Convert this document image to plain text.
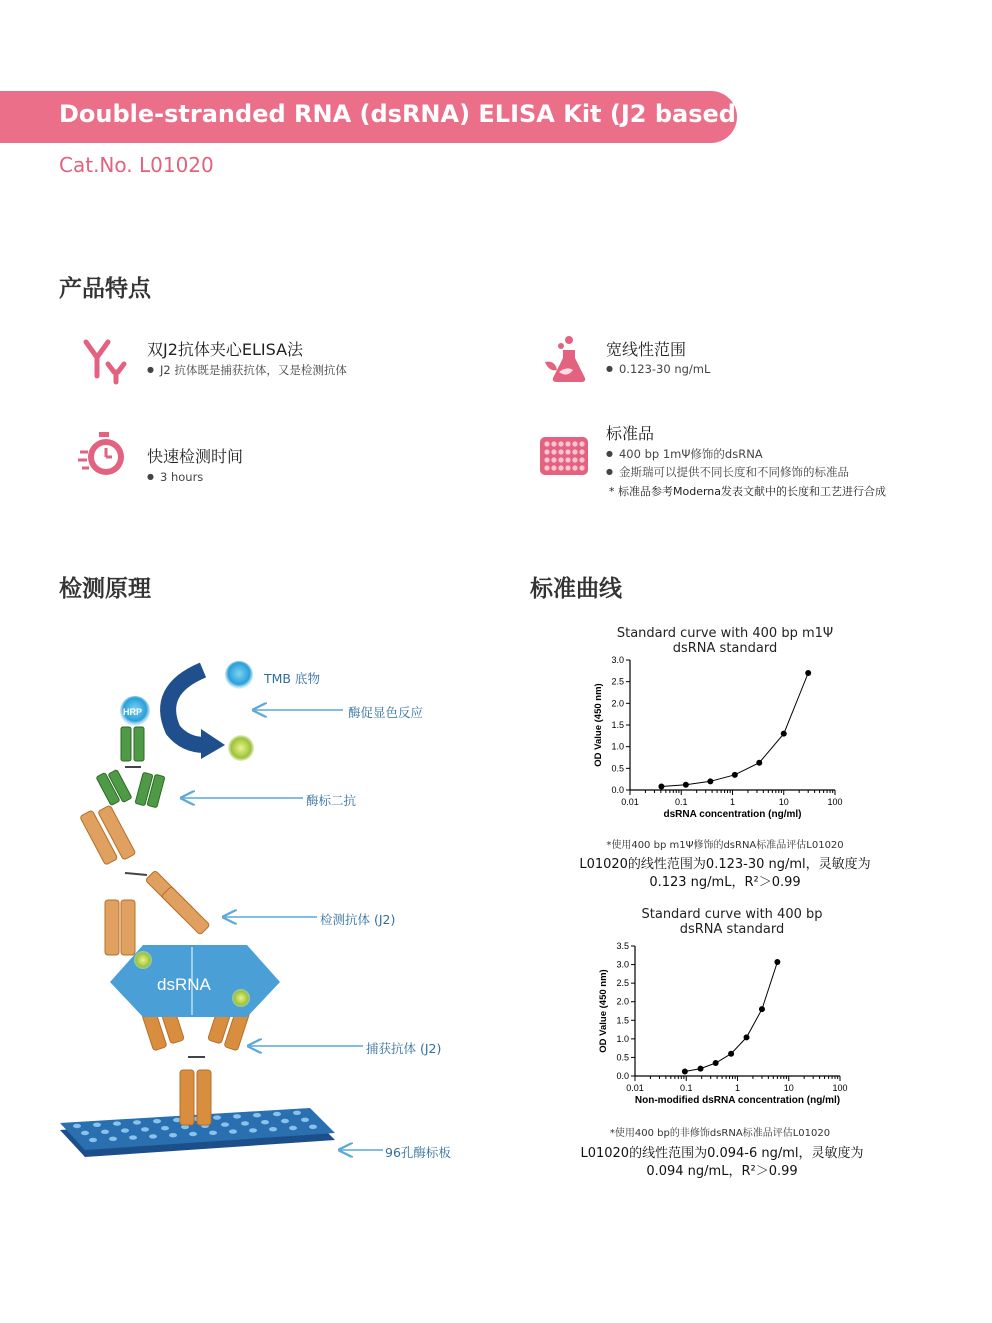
Double-stranded RNA (dsRNA) ELISA Kit (J2 based)
Cat.No. L01020
产品特点
双J2抗体夹心ELISA法
● J2 抗体既是捕获抗体，又是检测抗体
宽线性范围
● 0.123-30 ng/mL
快速检测时间
● 3 hours
标准品
● 400 bp 1mΨ修饰的dsRNA
● 金斯瑞可以提供不同长度和不同修饰的标准品
* 标准品参考Moderna发表文献中的长度和工艺进行合成
检测原理
dsRNA
HRP
TMB 底物
酶促显色反应
酶标二抗
检测抗体 (J2)
捕获抗体 (J2)
96孔酶标板
标准曲线
Standard curve with 400 bp m1Ψ
dsRNA standard
0.0
0.5
1.0
1.5
2.0
2.5
3.0
0.01	0.1	1	10	100
dsRNA concentration (ng/ml)
OD Value (450 nm)
*使用400 bp m1Ψ修饰的dsRNA标准品评估L01020
L01020的线性范围为0.123-30 ng/ml，灵敏度为
0.123 ng/mL，R²＞0.99
Standard curve with 400 bp
dsRNA standard
0.0
0.5
1.0
1.5
2.0
2.5
3.0
3.5
0.01	0.1	1	10	100
Non-modified dsRNA concentration (ng/ml)
OD Value (450 nm)
*使用400 bp的非修饰dsRNA标准品评估L01020
L01020的线性范围为0.094-6 ng/ml，灵敏度为
0.094 ng/mL，R²＞0.99
